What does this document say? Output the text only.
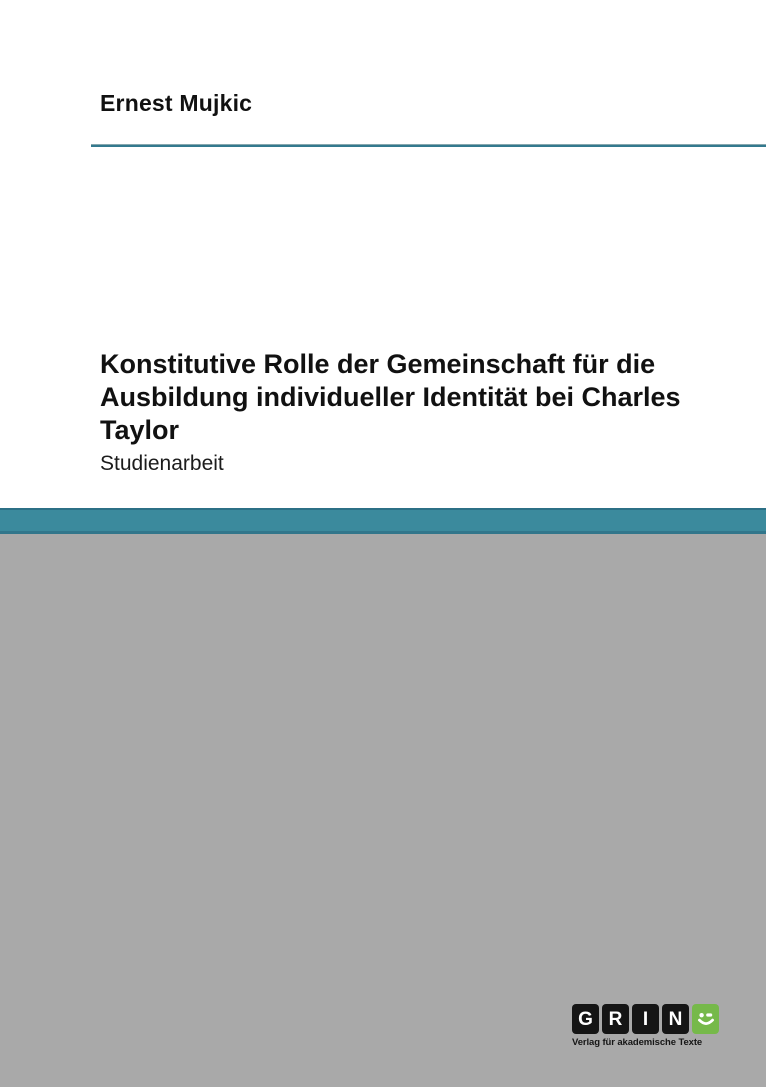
Ernest Mujkic
Konstitutive Rolle der Gemeinschaft für die
Ausbildung individueller Identität bei Charles
Taylor
Studienarbeit
G R	I	N
Verlag für akademische Texte
